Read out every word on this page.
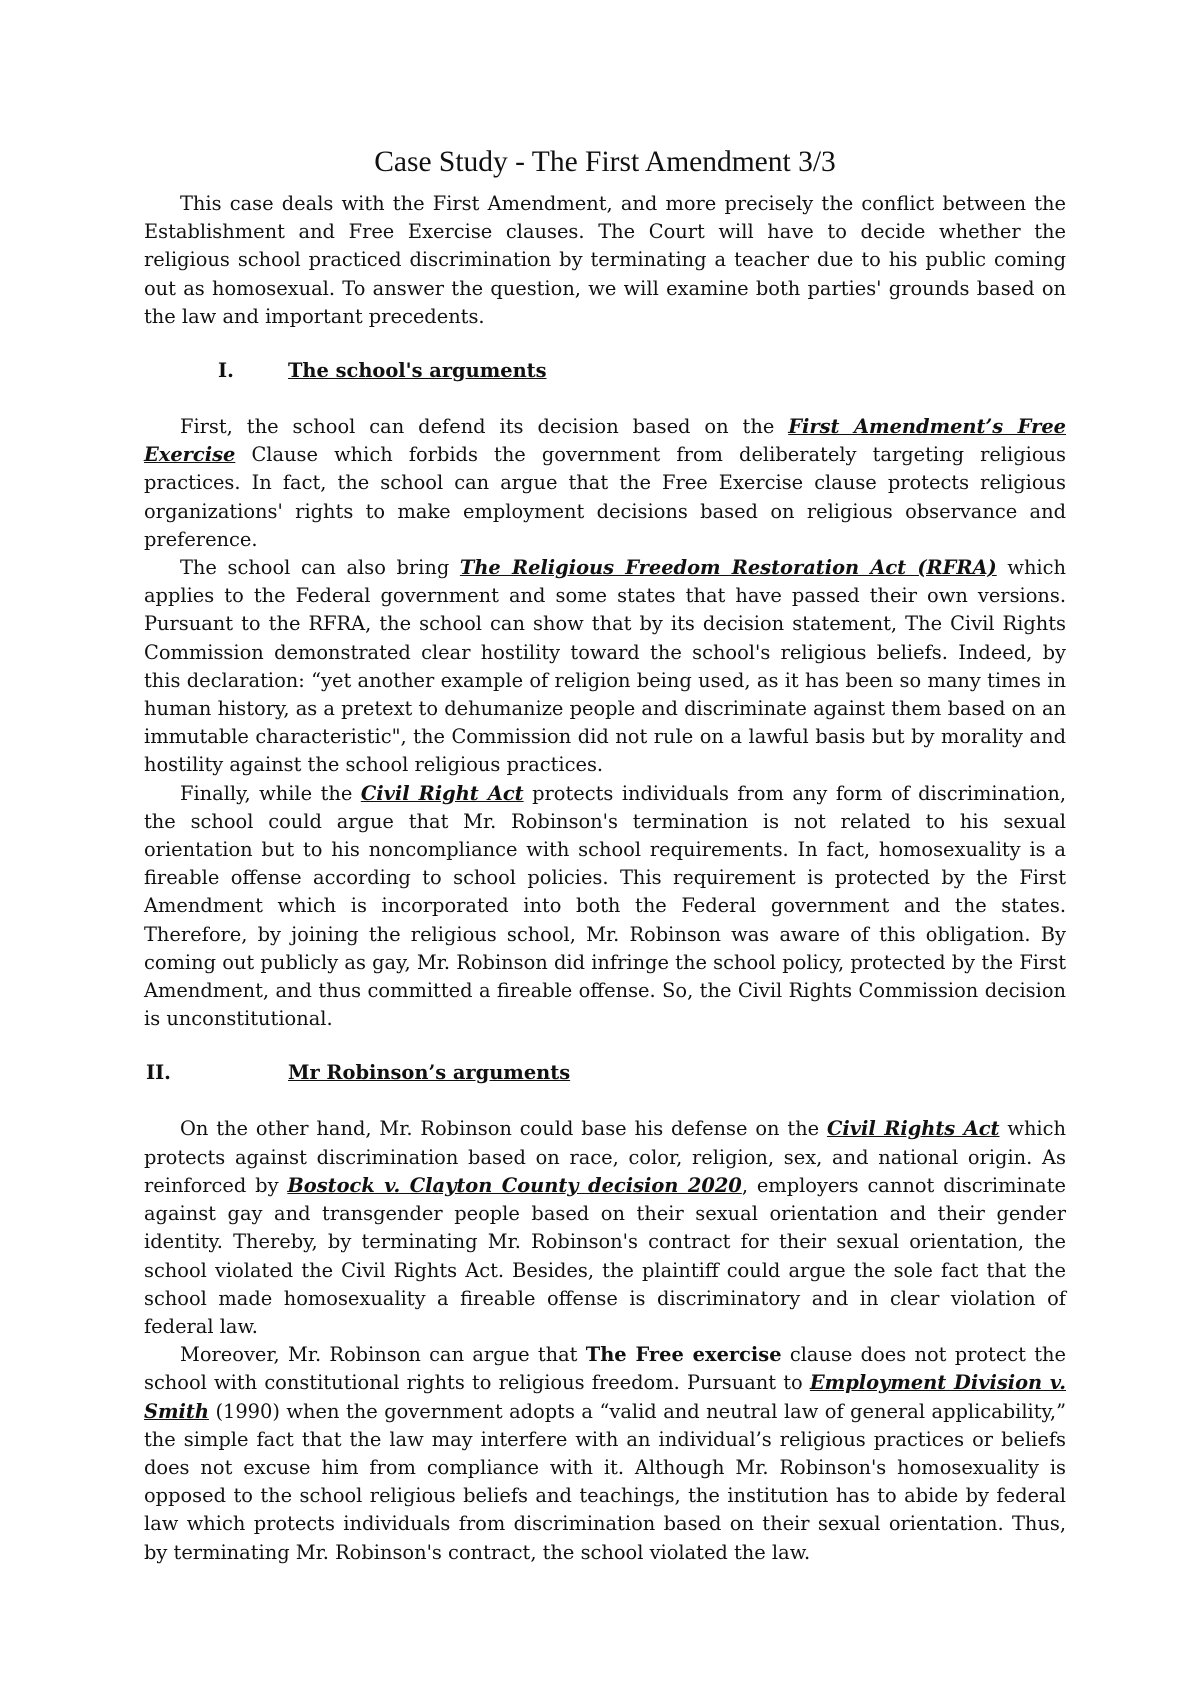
Case Study - The First Amendment 3/3

This case deals with the First Amendment, and more precisely the conflict between the Establishment and Free Exercise clauses. The Court will have to decide whether the religious school practiced discrimination by terminating a teacher due to his public coming out as homosexual. To answer the question, we will examine both parties' grounds based on the law and important precedents.

I.	The school's arguments

First, the school can defend its decision based on the First Amendment’s Free Exercise Clause which forbids the government from deliberately targeting religious practices. In fact, the school can argue that the Free Exercise clause protects religious organizations' rights to make employment decisions based on religious observance and preference.

The school can also bring The Religious Freedom Restoration Act (RFRA) which applies to the Federal government and some states that have passed their own versions. Pursuant to the RFRA, the school can show that by its decision statement, The Civil Rights Commission demonstrated clear hostility toward the school's religious beliefs. Indeed, by this declaration: “yet another example of religion being used, as it has been so many times in human history, as a pretext to dehumanize people and discriminate against them based on an immutable characteristic", the Commission did not rule on a lawful basis but by morality and hostility against the school religious practices.

Finally, while the Civil Right Act protects individuals from any form of discrimination, the school could argue that Mr. Robinson's termination is not related to his sexual orientation but to his noncompliance with school requirements. In fact, homosexuality is a fireable offense according to school policies. This requirement is protected by the First Amendment which is incorporated into both the Federal government and the states. Therefore, by joining the religious school, Mr. Robinson was aware of this obligation. By coming out publicly as gay, Mr. Robinson did infringe the school policy, protected by the First Amendment, and thus committed a fireable offense. So, the Civil Rights Commission decision is unconstitutional.

II.	Mr Robinson’s arguments

On the other hand, Mr. Robinson could base his defense on the Civil Rights Act which protects against discrimination based on race, color, religion, sex, and national origin. As reinforced by Bostock v. Clayton County decision 2020, employers cannot discriminate against gay and transgender people based on their sexual orientation and their gender identity. Thereby, by terminating Mr. Robinson's contract for their sexual orientation, the school violated the Civil Rights Act. Besides, the plaintiff could argue the sole fact that the school made homosexuality a fireable offense is discriminatory and in clear violation of federal law.

Moreover, Mr. Robinson can argue that The Free exercise clause does not protect the school with constitutional rights to religious freedom. Pursuant to Employment Division v. Smith (1990) when the government adopts a “valid and neutral law of general applicability,” the simple fact that the law may interfere with an individual’s religious practices or beliefs does not excuse him from compliance with it. Although Mr. Robinson's homosexuality is opposed to the school religious beliefs and teachings, the institution has to abide by federal law which protects individuals from discrimination based on their sexual orientation. Thus, by terminating Mr. Robinson's contract, the school violated the law.
